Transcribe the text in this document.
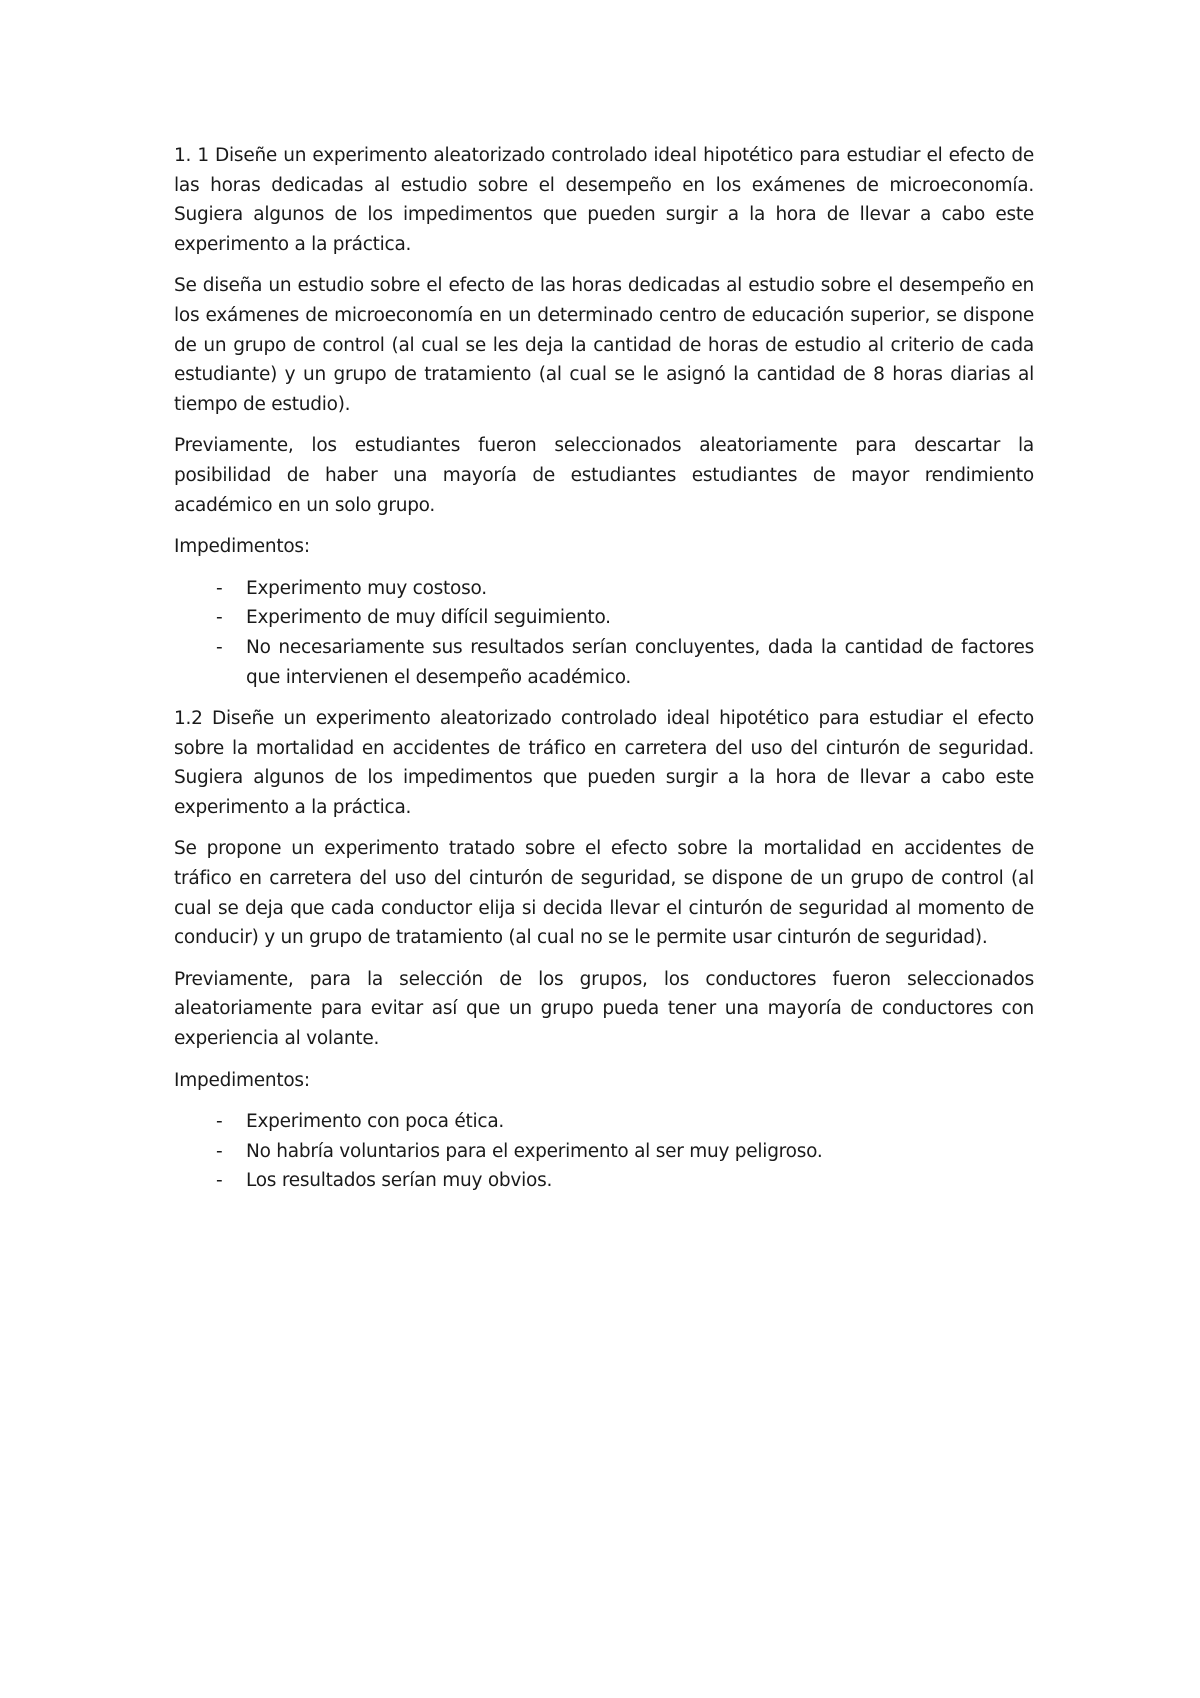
1. 1 Diseñe un experimento aleatorizado controlado ideal hipotético para estudiar el efecto de las horas dedicadas al estudio sobre el desempeño en los exámenes de microeconomía. Sugiera algunos de los impedimentos que pueden surgir a la hora de llevar a cabo este experimento a la práctica.

Se diseña un estudio sobre el efecto de las horas dedicadas al estudio sobre el desempeño en los exámenes de microeconomía en un determinado centro de educación superior, se dispone de un grupo de control (al cual se les deja la cantidad de horas de estudio al criterio de cada estudiante) y un grupo de tratamiento (al cual se le asignó la cantidad de 8 horas diarias al tiempo de estudio).

Previamente, los estudiantes fueron seleccionados aleatoriamente para descartar la posibilidad de haber una mayoría de estudiantes estudiantes de mayor rendimiento académico en un solo grupo.

Impedimentos:

- Experimento muy costoso.
- Experimento de muy difícil seguimiento.
- No necesariamente sus resultados serían concluyentes, dada la cantidad de factores que intervienen el desempeño académico.

1.2 Diseñe un experimento aleatorizado controlado ideal hipotético para estudiar el efecto sobre la mortalidad en accidentes de tráfico en carretera del uso del cinturón de seguridad. Sugiera algunos de los impedimentos que pueden surgir a la hora de llevar a cabo este experimento a la práctica.

Se propone un experimento tratado sobre el efecto sobre la mortalidad en accidentes de tráfico en carretera del uso del cinturón de seguridad, se dispone de un grupo de control (al cual se deja que cada conductor elija si decida llevar el cinturón de seguridad al momento de conducir) y un grupo de tratamiento (al cual no se le permite usar cinturón de seguridad).

Previamente, para la selección de los grupos, los conductores fueron seleccionados aleatoriamente para evitar así que un grupo pueda tener una mayoría de conductores con experiencia al volante.

Impedimentos:

- Experimento con poca ética.
- No habría voluntarios para el experimento al ser muy peligroso.
- Los resultados serían muy obvios.
